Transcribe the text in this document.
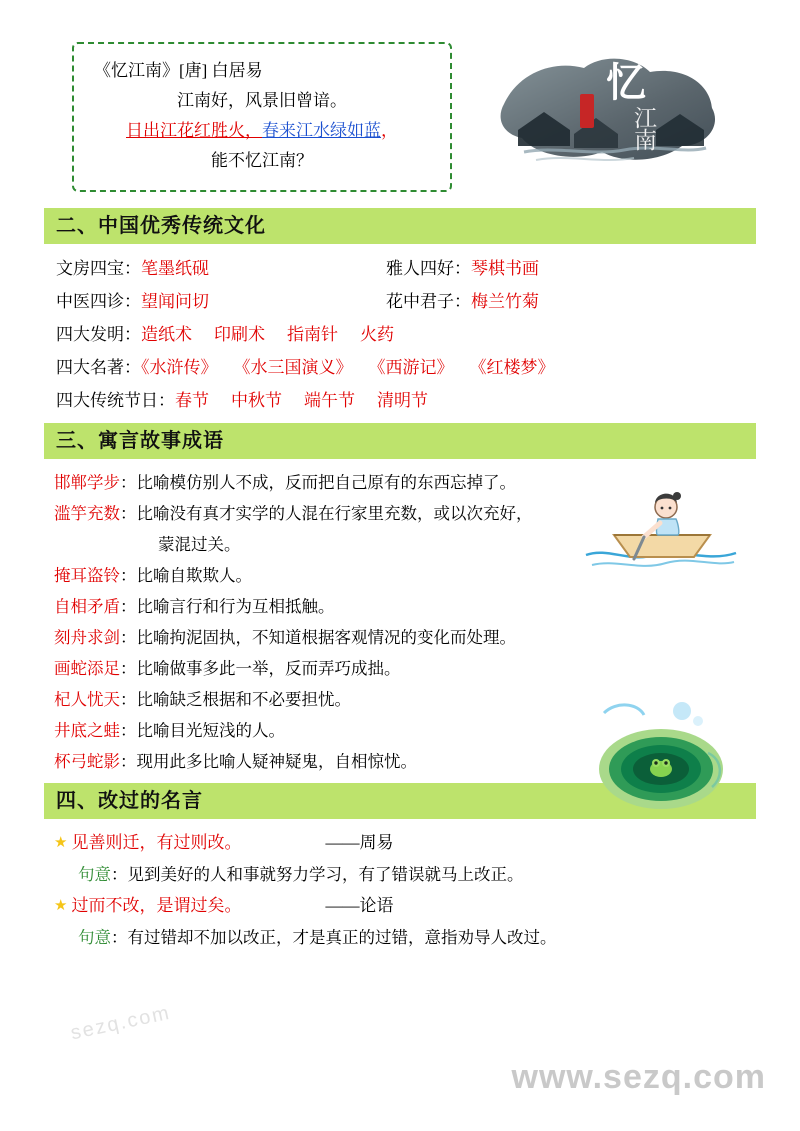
《忆江南》[唐] 白居易
江南好，风景旧曾谙。
日出江花红胜火，春来江水绿如蓝，
能不忆江南？
忆
江
南
二、中国优秀传统文化
文房四宝：笔墨纸砚	雅人四好：琴棋书画
中医四诊：望闻问切	花中君子：梅兰竹菊
四大发明：造纸术 印刷术 指南针 火药
四大名著：《水浒传》 《水三国演义》 《西游记》 《红楼梦》
四大传统节日：春节 中秋节 端午节 清明节
三、寓言故事成语
邯郸学步 ：比喻模仿别人不成，反而把自己原有的东西忘掉了。
滥竽充数 ：比喻没有真才实学的人混在行家里充数，或以次充好，
蒙混过关。
掩耳盗铃 ：比喻自欺欺人。
自相矛盾 ：比喻言行和行为互相抵触。
刻舟求剑 ：比喻拘泥固执，不知道根据客观情况的变化而处理。
画蛇添足 ：比喻做事多此一举，反而弄巧成拙。
杞人忧天 ：比喻缺乏根据和不必要担忧。
井底之蛙 ：比喻目光短浅的人。
杯弓蛇影 ：现用此多比喻人疑神疑鬼，自相惊忧。
四、改过的名言
★ 见善则迁，有过则改。	——周易
句意：见到美好的人和事就努力学习，有了错误就马上改正。
★ 过而不改，是谓过矣。	——论语
句意：有过错却不加以改正，才是真正的过错，意指劝导人改过。
sezq.com
www.sezq.com
